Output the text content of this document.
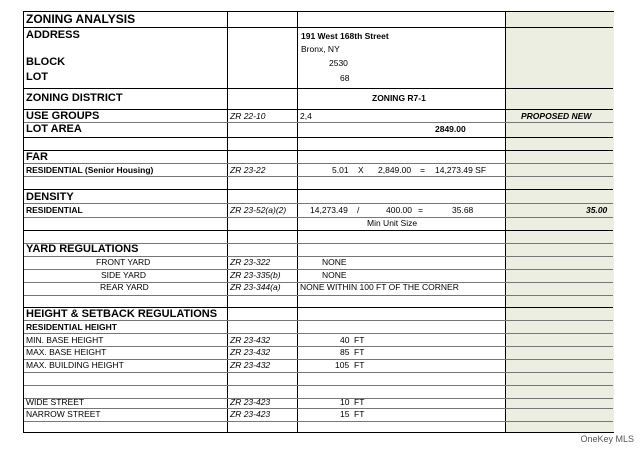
ZONING ANALYSIS
ADDRESS	191 West 168th Street
Bronx, NY
BLOCK	2530
LOT	68
ZONING DISTRICT	ZONING R7-1
USE GROUPS	ZR 22-10	2,4	PROPOSED NEW
LOT AREA	2849.00
FAR
RESIDENTIAL (Senior Housing)	ZR 23-22	5.01 X 2,849.00 = 14,273.49 SF
DENSITY
RESIDENTIAL	ZR 23-52(a)(2)	14,273.49 /	400.00 =	35.68	35.00
Min Unit Size
YARD REGULATIONS
FRONT YARD	ZR 23-322	NONE
SIDE YARD	ZR 23-335(b)	NONE
REAR YARD	ZR 23-344(a) NONE WITHIN 100 FT OF THE CORNER
HEIGHT & SETBACK REGULATIONS
RESIDENTIAL HEIGHT
MIN. BASE HEIGHT	ZR 23-432	40 FT
MAX. BASE HEIGHT	ZR 23-432	85 FT
MAX. BUILDING HEIGHT	ZR 23-432	105 FT
WIDE STREET	ZR 23-423	10 FT
NARROW STREET	ZR 23-423	15 FT
OneKey MLS
